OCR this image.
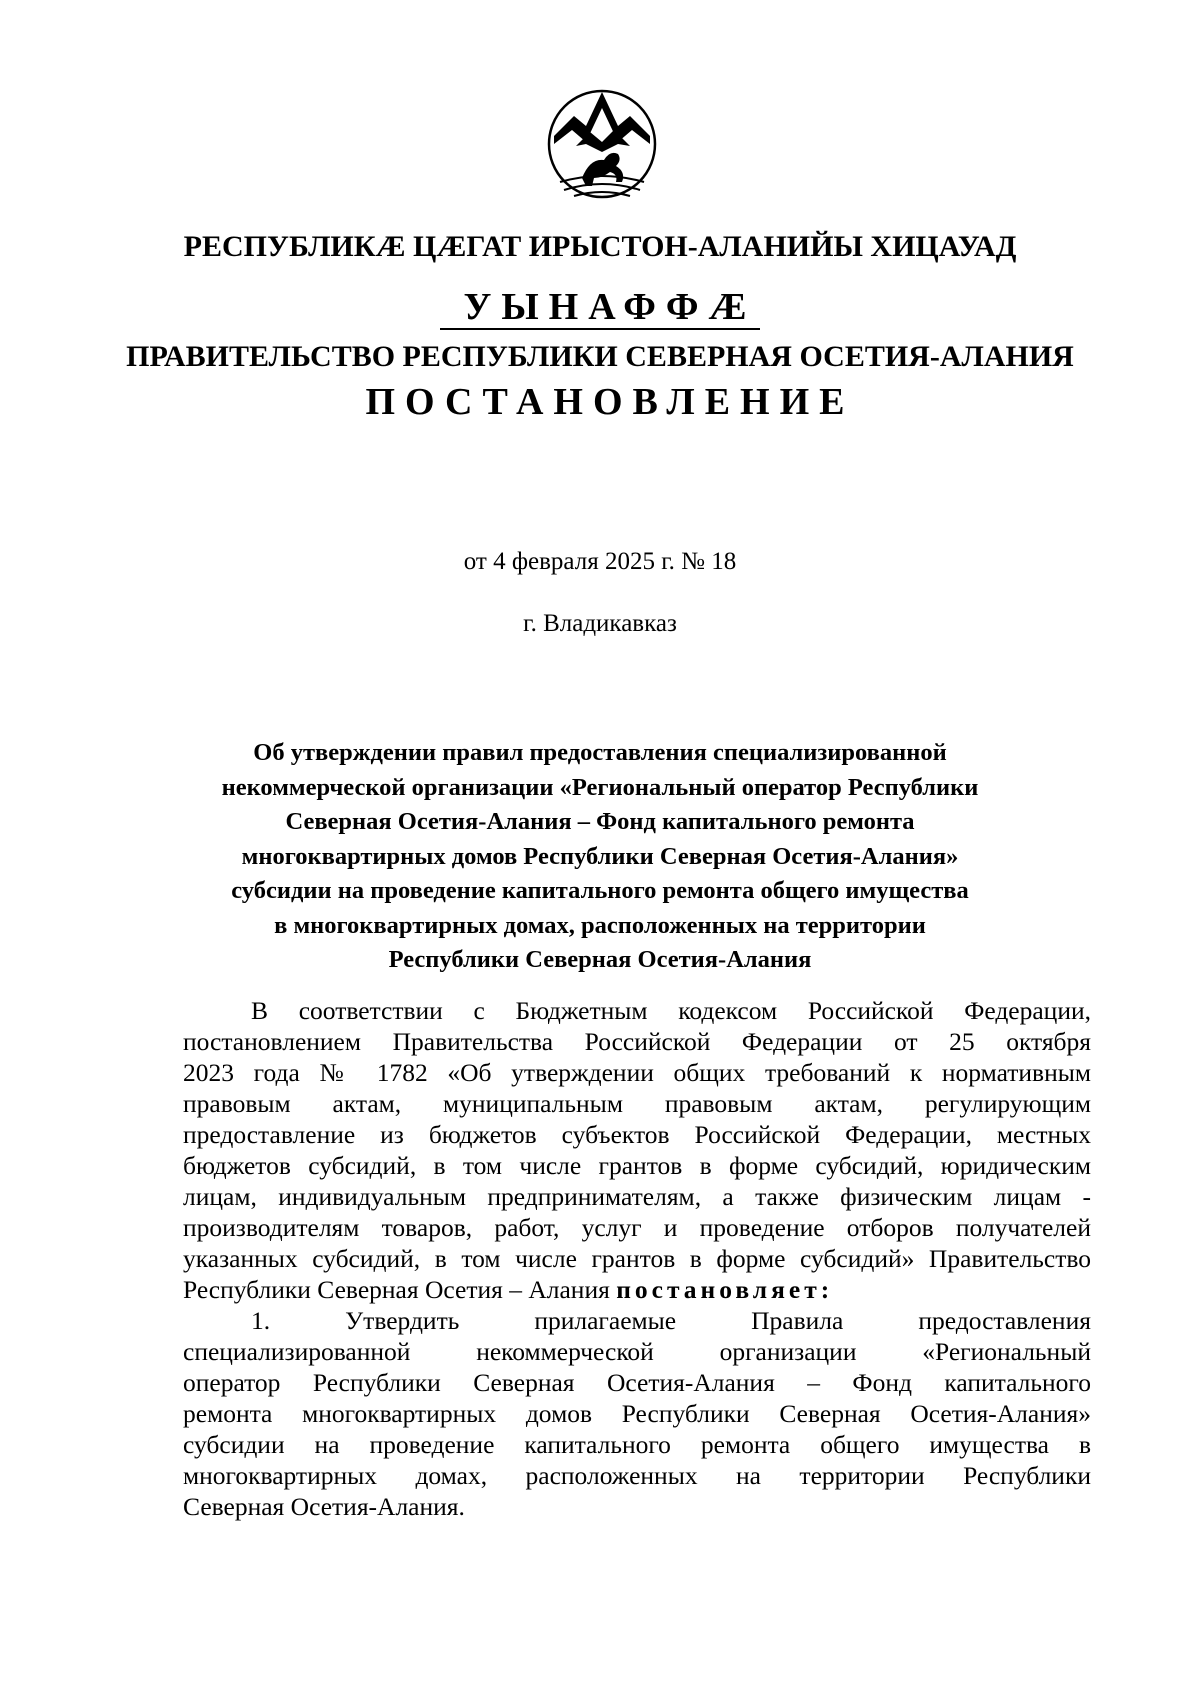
РЕСПУБЛИКÆ ЦÆГАТ ИРЫСТОН-АЛАНИЙЫ ХИЦАУАД
УЫНАФФÆ
ПРАВИТЕЛЬСТВО РЕСПУБЛИКИ СЕВЕРНАЯ ОСЕТИЯ-АЛАНИЯ
ПОСТАНОВЛЕНИЕ
от 4 февраля 2025 г. № 18
г. Владикавказ
Об утверждении правил предоставления специализированной
некоммерческой организации «Региональный оператор Республики
Северная Осетия-Алания – Фонд капитального ремонта
многоквартирных домов Республики Северная Осетия-Алания»
субсидии на проведение капитального ремонта общего имущества
в многоквартирных домах, расположенных на территории
Республики Северная Осетия-Алания
В соответствии с Бюджетным кодексом Российской Федерации,
постановлением Правительства Российской Федерации от 25 октября
2023 года № 1782 «Об утверждении общих требований к нормативным
правовым актам, муниципальным правовым актам, регулирующим
предоставление из бюджетов субъектов Российской Федерации, местных
бюджетов субсидий, в том числе грантов в форме субсидий, юридическим
лицам, индивидуальным предпринимателям, а также физическим лицам -
производителям товаров, работ, услуг и проведение отборов получателей
указанных субсидий, в том числе грантов в форме субсидий» Правительство
Республики Северная Осетия – Алания постановляет:
1.	Утвердить	прилагаемые	Правила	предоставления
специализированной некоммерческой организации «Региональный
оператор Республики Северная Осетия-Алания – Фонд капитального
ремонта многоквартирных домов Республики Северная Осетия-Алания»
субсидии на проведение капитального ремонта общего имущества в
многоквартирных домах, расположенных на территории Республики
Северная Осетия-Алания.
